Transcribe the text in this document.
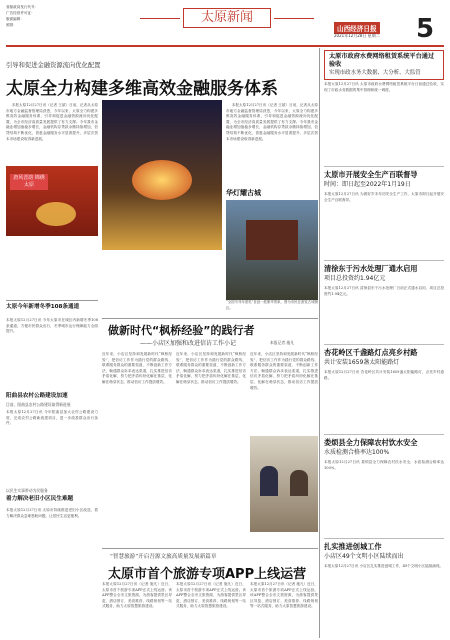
省邮政局发行代号：
广告经营许可证：
版面编辑：
照排：	太原新闻
山西经济日报
2021年12月28日 星期二 5
引导和促进金融资源流向优化配置
太原全力构建多维高效金融服务体系

本报太原12月27日讯（记者 王斌）日前，记者从太原市地方金融监督管理局获悉，今年以来，太原全力构建多维高效金融服务体系，引导和促进金融资源流向优化配置，为全市经济高质量发展提供了有力支撑。今年我市金融业增加值稳步增长，金融机构存贷款余额持续增加，信贷结构不断优化，普惠金融服务水平显著提升，多层次资本市场建设取得新进展。

唐风晋韵 锦绣太原

本报太原12月27日讯（记者 王斌）日前，记者从太原市地方金融监督管理局获悉，今年以来，太原全力构建多维高效金融服务体系，引导和促进金融资源流向优化配置，为全市经济高质量发展提供了有力支撑。今年我市金融业增加值稳步增长，金融机构存贷款余额持续增加，信贷结构不断优化，普惠金融服务水平显著提升，多层次资本市场建设取得新进展。

华灯耀古城
“全国书刊年度奖”首创一派繁华景象，图为市民在游览古城街区。
太原今年新增冬季108条通道
本报太原12月27日讯 今年太原市在城区内新增冬季108条通道，方便市民群众出行，冬季城市运行保障能力全面提升。
阳曲县农村公路建设加速
目前，阳曲县农村公路建设取得新进展
本报太原12月27日讯 今年阳曲县加大农村公路建设力度，完成农村公路新改建项目，进一步改善群众出行条件。
以民生实事带动为民服务
着力解决老旧小区民生难题
本报太原12月27日讯 太原市持续推进老旧小区改造，着力解决群众急难愁盼问题，让居民生活更便利。
做新时代“枫桥经验”的践行者
——小店区加强和改进信访工作小记	本报记者 施凡
近年来，小店区坚持和发展新时代“枫桥经验”，把信访工作作为践行党的群众路线、联系服务群众的重要渠道，不断创新工作方法，畅通群众诉求表达渠道，扎实推进信访矛盾化解，努力把矛盾纠纷化解在基层、化解在萌芽状态，推动信访工作提质增效。
近年来，小店区坚持和发展新时代“枫桥经验”，把信访工作作为践行党的群众路线、联系服务群众的重要渠道，不断创新工作方法，畅通群众诉求表达渠道，扎实推进信访矛盾化解，努力把矛盾纠纷化解在基层、化解在萌芽状态，推动信访工作提质增效。
近年来，小店区坚持和发展新时代“枫桥经验”，把信访工作作为践行党的群众路线、联系服务群众的重要渠道，不断创新工作方法，畅通群众诉求表达渠道，扎实推进信访矛盾化解，努力把矛盾纠纷化解在基层、化解在萌芽状态，推动信访工作提质增效。
“智慧旅游”开启吾源文旅高质量发展新篇章
太原市首个旅游专项APP上线运营
本报太原12月27日讯（记者 施凡）近日，太原市首个旅游专项APP正式上线运营。该APP整合全市文旅资源，为游客提供景区导览、酒店预订、美食推荐、线路规划等一站式服务，助力太原智慧旅游建设。
本报太原12月27日讯（记者 施凡）近日，太原市首个旅游专项APP正式上线运营。该APP整合全市文旅资源，为游客提供景区导览、酒店预订、美食推荐、线路规划等一站式服务，助力太原智慧旅游建设。
本报太原12月27日讯（记者 施凡）近日，太原市首个旅游专项APP正式上线运营。该APP整合全市文旅资源，为游客提供景区导览、酒店预订、美食推荐、线路规划等一站式服务，助力太原智慧旅游建设。
太原市政府水费网络租赁系统平台通过验收
实现市政水务大数据、大分析、大监管
本报太原12月27日讯 太原市政府水费网络租赁系统平台日前通过验收，实现了市政水务数据的集中管理和统一调度。
太原市开展安全生产百联督导
时间：即日起至2022年1月19日
本报太原12月27日讯 为做好岁末年初安全生产工作，太原市即日起开展安全生产百联督导。
清徐东于污水处理厂通水启用
项目总投资约1.94亿元
本报太原12月27日讯 清徐县东于污水处理厂日前正式通水启用，项目总投资约1.94亿元。
杏花岭区千盏路灯点亮乡村路
共计安装1659盏太阳能路灯
本报太原12月27日讯 杏花岭区共计安装1659盏太阳能路灯，点亮乡村道路。
娄烦县全力保障农村饮水安全
水质检测合格率达100%
本报太原12月27日讯 娄烦县全力保障农村饮水安全，水质检测合格率达100%。
扎实推进创城工作
小店区49个文明小区陆续而出
本报太原12月27日讯 小店区扎实推进创城工作，49个文明小区陆续涌现。
